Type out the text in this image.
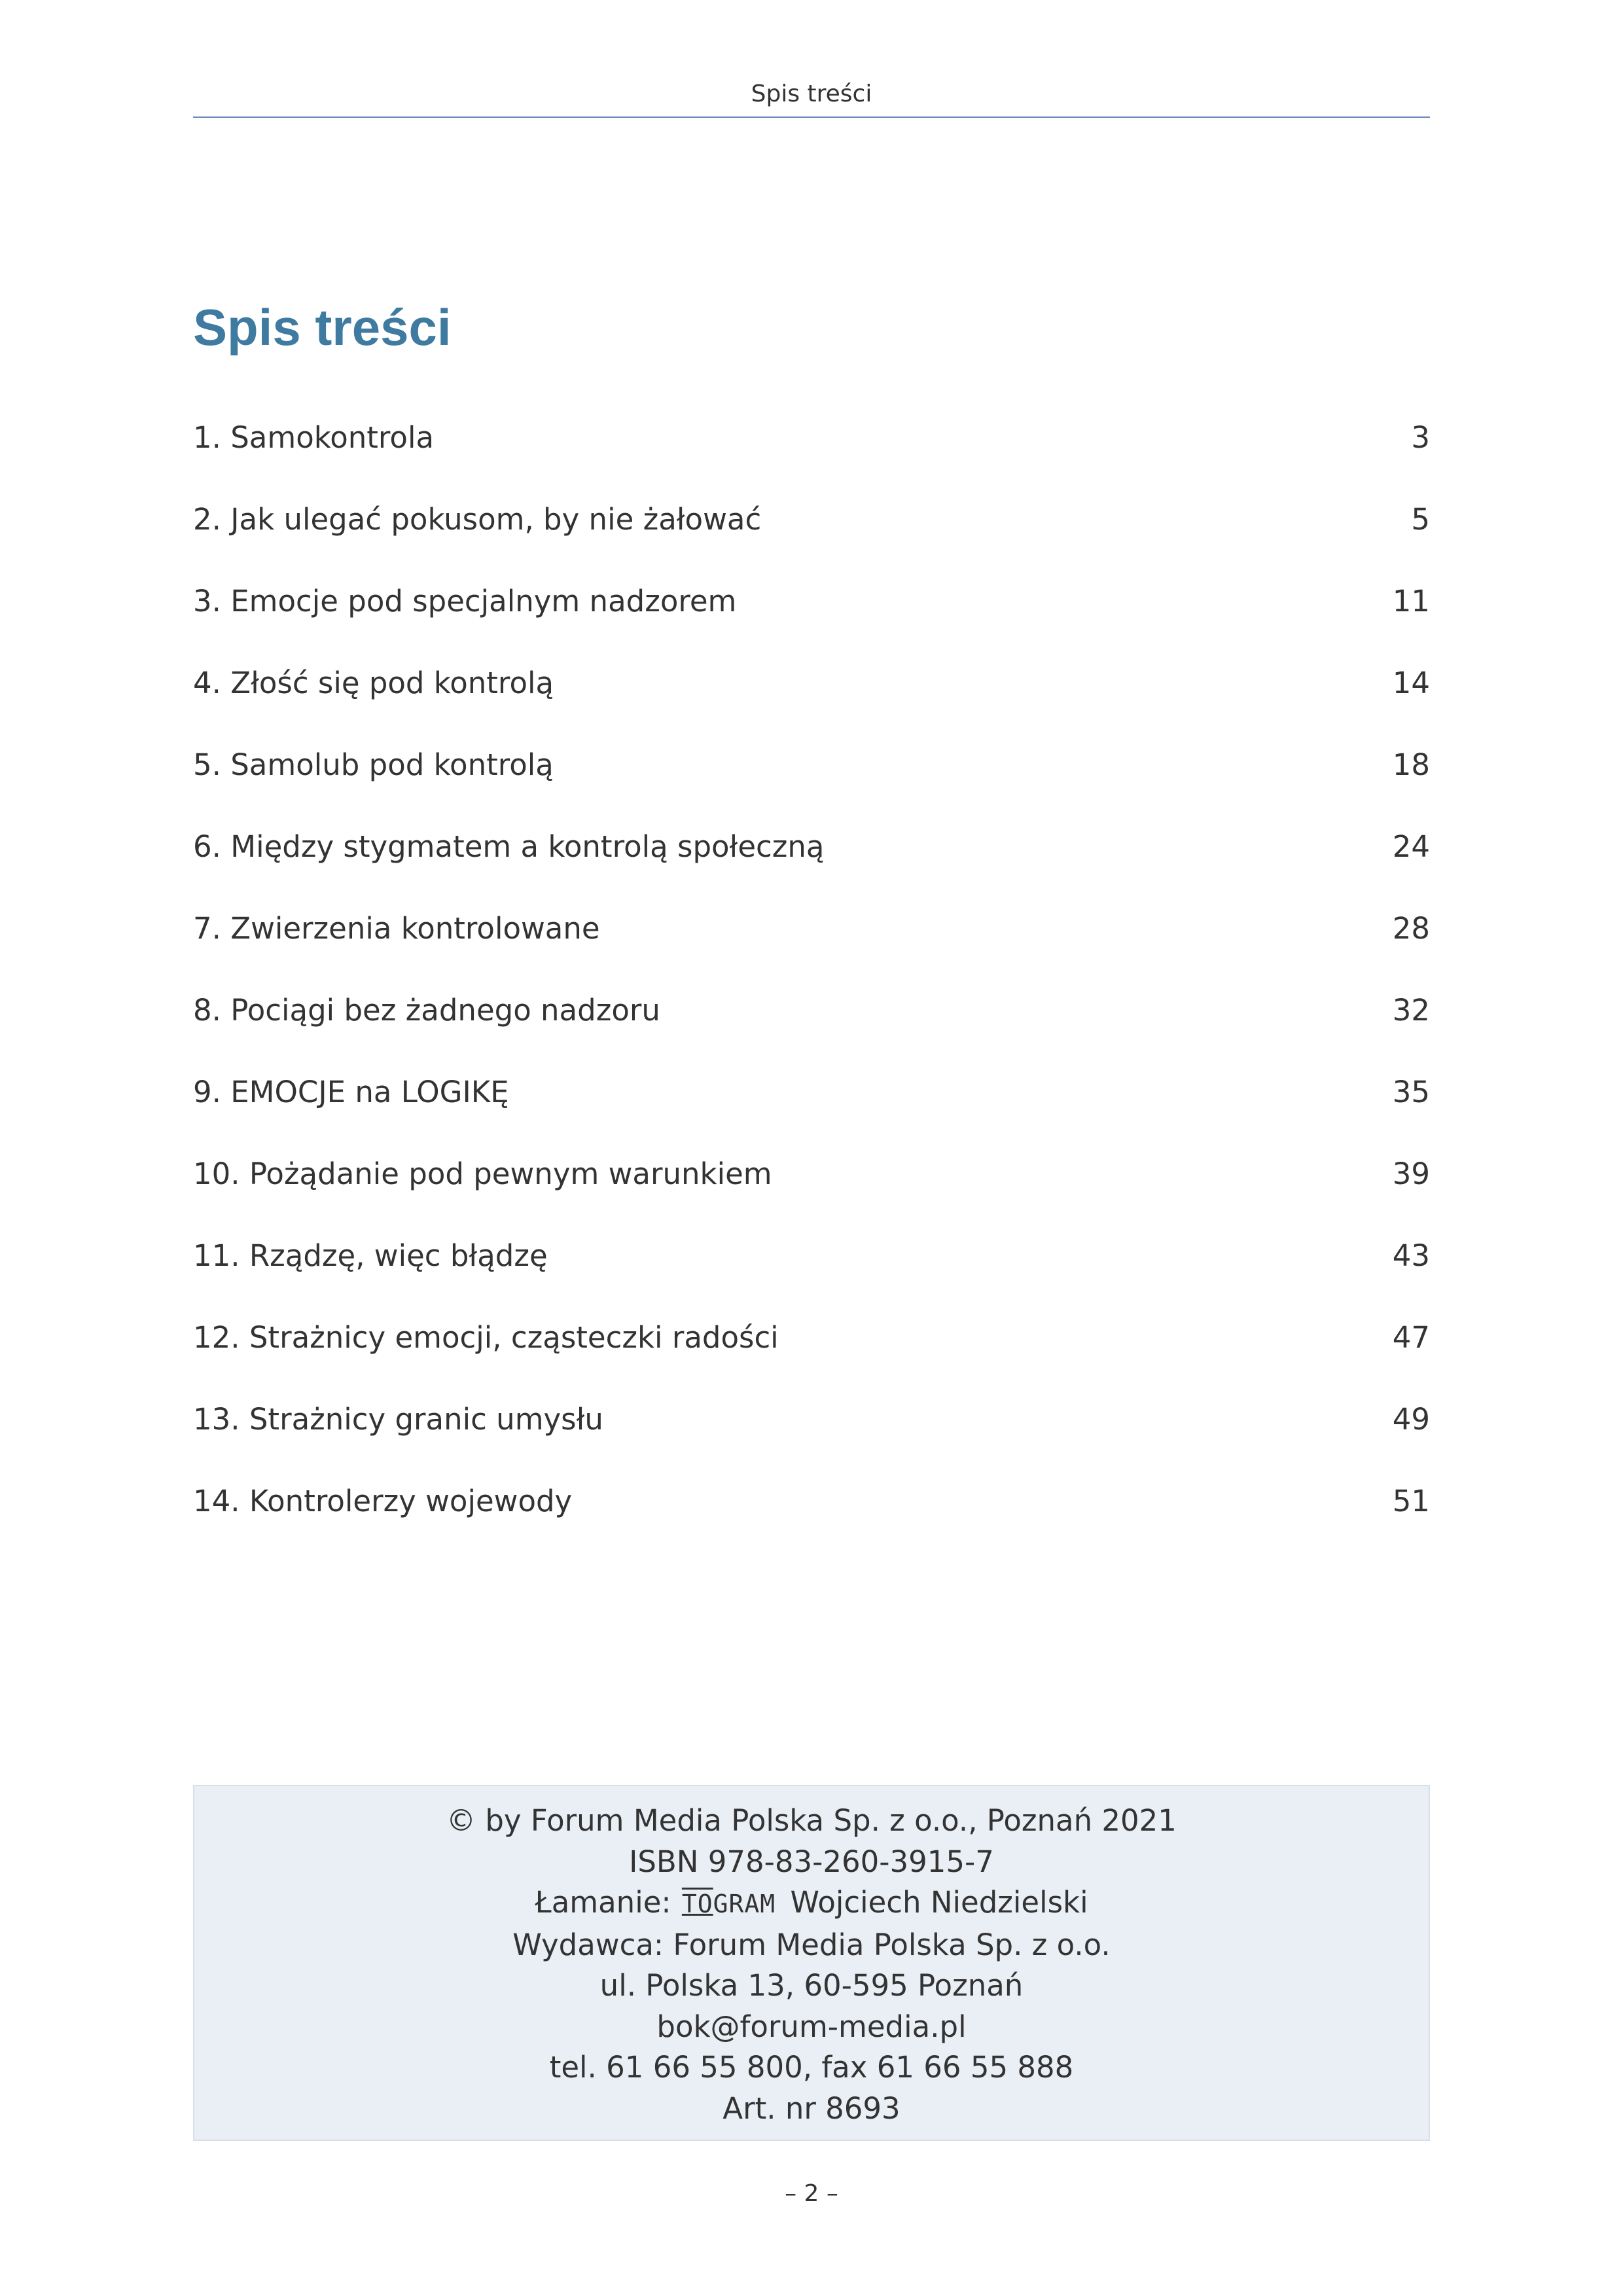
Spis treści
Spis treści
1. Samokontrola	3
2. Jak ulegać pokusom, by nie żałować	5
3. Emocje pod specjalnym nadzorem	11
4. Złość się pod kontrolą	14
5. Samolub pod kontrolą	18
6. Między stygmatem a kontrolą społeczną	24
7. Zwierzenia kontrolowane	28
8. Pociągi bez żadnego nadzoru	32
9. EMOCJE na LOGIKĘ	35
10. Pożądanie pod pewnym warunkiem	39
11. Rządzę, więc błądzę	43
12. Strażnicy emocji, cząsteczki radości	47
13. Strażnicy granic umysłu	49
14. Kontrolerzy wojewody	51
© by Forum Media Polska Sp. z o.o., Poznań 2021
ISBN 978-83-260-3915-7
Łamanie: TOGRAM Wojciech Niedzielski
Wydawca: Forum Media Polska Sp. z o.o.
ul. Polska 13, 60-595 Poznań
bok@forum-media.pl
tel. 61 66 55 800, fax 61 66 55 888
Art. nr 8693
– 2 –
